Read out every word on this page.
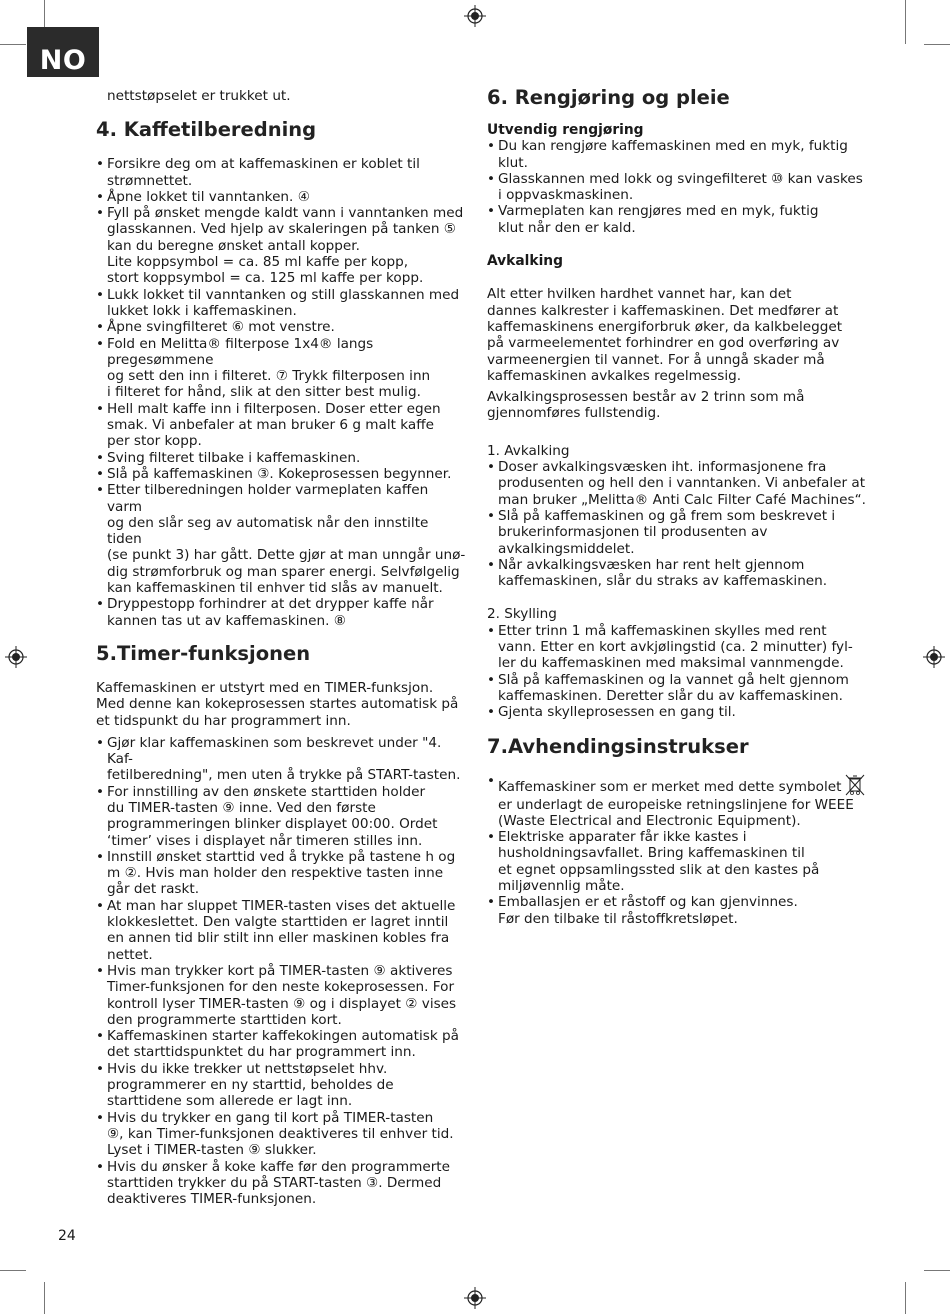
NO

nettstøpselet er trukket ut.

4. Kaffetilberedning
• Forsikre deg om at kaffemaskinen er koblet til
strømnettet.
• Åpne lokket til vanntanken. ④
• Fyll på ønsket mengde kaldt vann i vanntanken med
glasskannen. Ved hjelp av skaleringen på tanken ⑤
kan du beregne ønsket antall kopper.
Lite koppsymbol = ca. 85 ml kaffe per kopp,
stort koppsymbol = ca. 125 ml kaffe per kopp.
• Lukk lokket til vanntanken og still glasskannen med
lukket lokk i kaffemaskinen.
• Åpne svingfilteret ⑥ mot venstre.
• Fold en Melitta® filterpose 1x4® langs pregesømmene
og sett den inn i filteret. ⑦ Trykk filterposen inn
i filteret for hånd, slik at den sitter best mulig.
• Hell malt kaffe inn i filterposen. Doser etter egen
smak. Vi anbefaler at man bruker 6 g malt kaffe
per stor kopp.
• Sving filteret tilbake i kaffemaskinen.
• Slå på kaffemaskinen ③. Kokeprosessen begynner.
• Etter tilberedningen holder varmeplaten kaffen varm
og den slår seg av automatisk når den innstilte tiden
(se punkt 3) har gått. Dette gjør at man unngår unø-
dig strømforbruk og man sparer energi. Selvfølgelig
kan kaffemaskinen til enhver tid slås av manuelt.
• Dryppestopp forhindrer at det drypper kaffe når
kannen tas ut av kaffemaskinen. ⑧
5.Timer-funksjonen

Kaffemaskinen er utstyrt med en TIMER-funksjon.
Med denne kan kokeprosessen startes automatisk på
et tidspunkt du har programmert inn.

• Gjør klar kaffemaskinen som beskrevet under "4. Kaf-
fetilberedning", men uten å trykke på START-tasten.
• For innstilling av den ønskete starttiden holder
du TIMER-tasten ⑨ inne. Ved den første
programmeringen blinker displayet 00:00. Ordet
‘timer’ vises i displayet når timeren stilles inn.
• Innstill ønsket starttid ved å trykke på tastene h og
m ②. Hvis man holder den respektive tasten inne
går det raskt.
• At man har sluppet TIMER-tasten vises det aktuelle
klokkeslettet. Den valgte starttiden er lagret inntil
en annen tid blir stilt inn eller maskinen kobles fra
nettet.
• Hvis man trykker kort på TIMER-tasten ⑨ aktiveres
Timer-funksjonen for den neste kokeprosessen. For
kontroll lyser TIMER-tasten ⑨ og i displayet ② vises
den programmerte starttiden kort.
• Kaffemaskinen starter kaffekokingen automatisk på
det starttidspunktet du har programmert inn.
• Hvis du ikke trekker ut nettstøpselet hhv.
programmerer en ny starttid, beholdes de
starttidene som allerede er lagt inn.
• Hvis du trykker en gang til kort på TIMER-tasten
⑨, kan Timer-funksjonen deaktiveres til enhver tid.
Lyset i TIMER-tasten ⑨ slukker.
• Hvis du ønsker å koke kaffe før den programmerte
starttiden trykker du på START-tasten ③. Dermed
deaktiveres TIMER-funksjonen.
6. Rengjøring og pleie
Utvendig rengjøring
• Du kan rengjøre kaffemaskinen med en myk, fuktig klut.
• Glasskannen med lokk og svingefilteret ⑩ kan vaskes
i oppvaskmaskinen.
• Varmeplaten kan rengjøres med en myk, fuktig
klut når den er kald.
Avkalking

Alt etter hvilken hardhet vannet har, kan det
dannes kalkrester i kaffemaskinen. Det medfører at
kaffemaskinens energiforbruk øker, da kalkbelegget
på varmeelementet forhindrer en god overføring av
varmeenergien til vannet. For å unngå skader må
kaffemaskinen avkalkes regelmessig.

Avkalkingsprosessen består av 2 trinn som må
gjennomføres fullstendig.

1. Avkalking

• Doser avkalkingsvæsken iht. informasjonene fra
produsenten og hell den i vanntanken. Vi anbefaler at
man bruker „Melitta® Anti Calc Filter Café Machines“.
• Slå på kaffemaskinen og gå frem som beskrevet i
brukerinformasjonen til produsenten av
avkalkingsmiddelet.
• Når avkalkingsvæsken har rent helt gjennom
kaffemaskinen, slår du straks av kaffemaskinen.

2. Skylling

• Etter trinn 1 må kaffemaskinen skylles med rent
vann. Etter en kort avkjølingstid (ca. 2 minutter) fyl-
ler du kaffemaskinen med maksimal vannmengde.
• Slå på kaffemaskinen og la vannet gå helt gjennom
kaffemaskinen. Deretter slår du av kaffemaskinen.
• Gjenta skylleprosessen en gang til.
7.Avhendingsinstrukser
• Kaffemaskiner som er merket med dette symbolet
er underlagt de europeiske retningslinjene for WEEE
(Waste Electrical and Electronic Equipment).
• Elektriske apparater får ikke kastes i
husholdningsavfallet. Bring kaffemaskinen til
et egnet oppsamlingssted slik at den kastes på
miljøvennlig måte.
• Emballasjen er et råstoff og kan gjenvinnes.
Før den tilbake til råstoffkretsløpet.
24
